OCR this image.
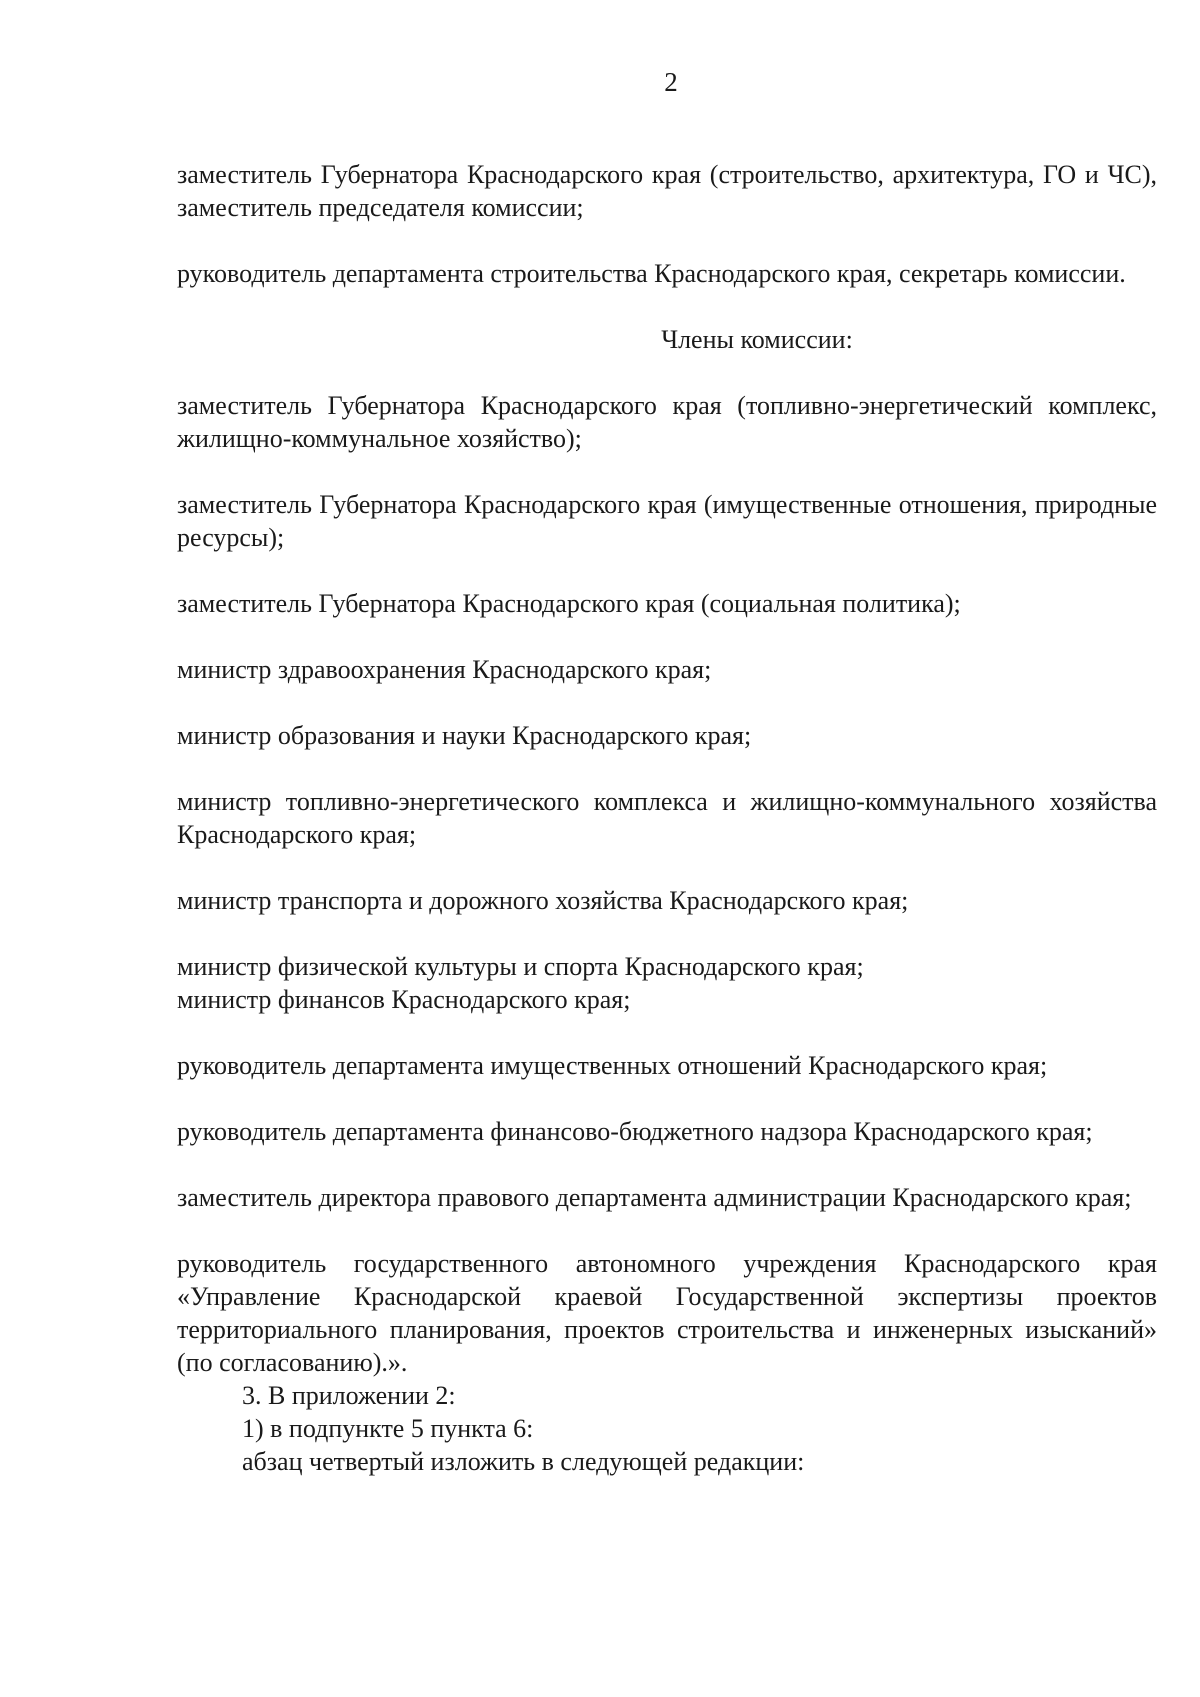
2

заместитель Губернатора Краснодарского края (строительство, архитектура, ГО и ЧС), заместитель председателя комиссии;

руководитель департамента строительства Краснодарского края, секретарь комиссии.

Члены комиссии:

заместитель Губернатора Краснодарского края (топливно-энергетический комплекс, жилищно-коммунальное хозяйство);

заместитель Губернатора Краснодарского края (имущественные отношения, природные ресурсы);

заместитель Губернатора Краснодарского края (социальная политика);

министр здравоохранения Краснодарского края;

министр образования и науки Краснодарского края;

министр топливно-энергетического комплекса и жилищно-коммунального хозяйства Краснодарского края;

министр транспорта и дорожного хозяйства Краснодарского края;

министр физической культуры и спорта Краснодарского края;

министр финансов Краснодарского края;

руководитель департамента имущественных отношений Краснодарского края;

руководитель департамента финансово-бюджетного надзора Краснодарского края;

заместитель директора правового департамента администрации Краснодарского края;

руководитель государственного автономного учреждения Краснодарского края «Управление Краснодарской краевой Государственной экспертизы проектов территориального планирования, проектов строительства и инженерных изысканий» (по согласованию).».

3. В приложении 2:

1) в подпункте 5 пункта 6:

абзац четвертый изложить в следующей редакции:
